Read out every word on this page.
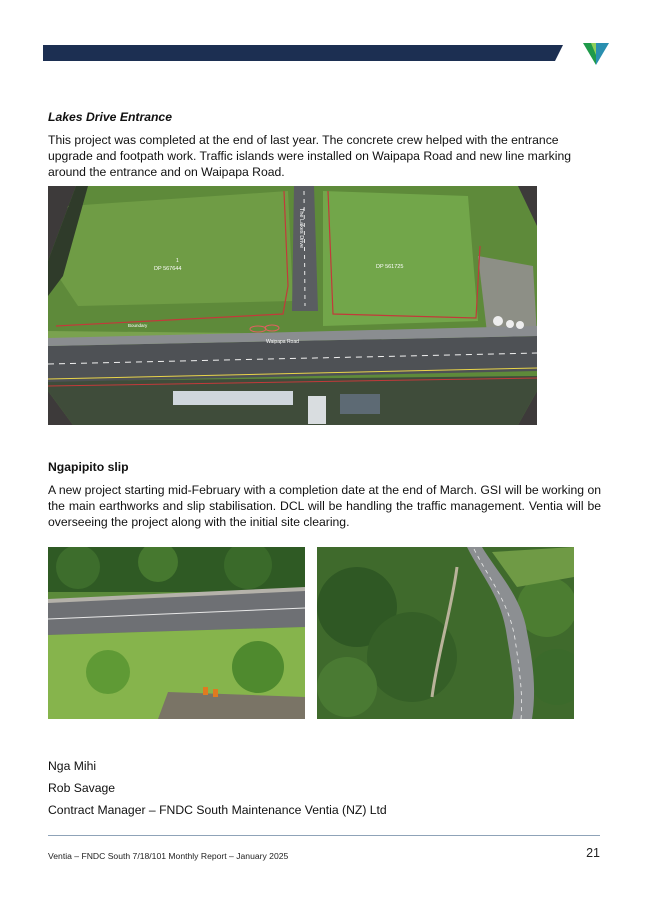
Lakes Drive Entrance
This project was completed at the end of last year. The concrete crew helped with the entrance upgrade and footpath work. Traffic islands were installed on Waipapa Road and new line marking around the entrance and on Waipapa Road.
1
DP 567644	DP 561725
The Lakes Drive
Waipapa Road
Boundary
Ngapipito slip
A new project starting mid-February with a completion date at the end of March. GSI will be working on the main earthworks and slip stabilisation. DCL will be handling the traffic management. Ventia will be overseeing the project along with the initial site clearing.
Nga Mihi
Rob Savage
Contract Manager – FNDC South Maintenance Ventia (NZ) Ltd
Ventia – FNDC South 7/18/101 Monthly Report – January 2025	21
